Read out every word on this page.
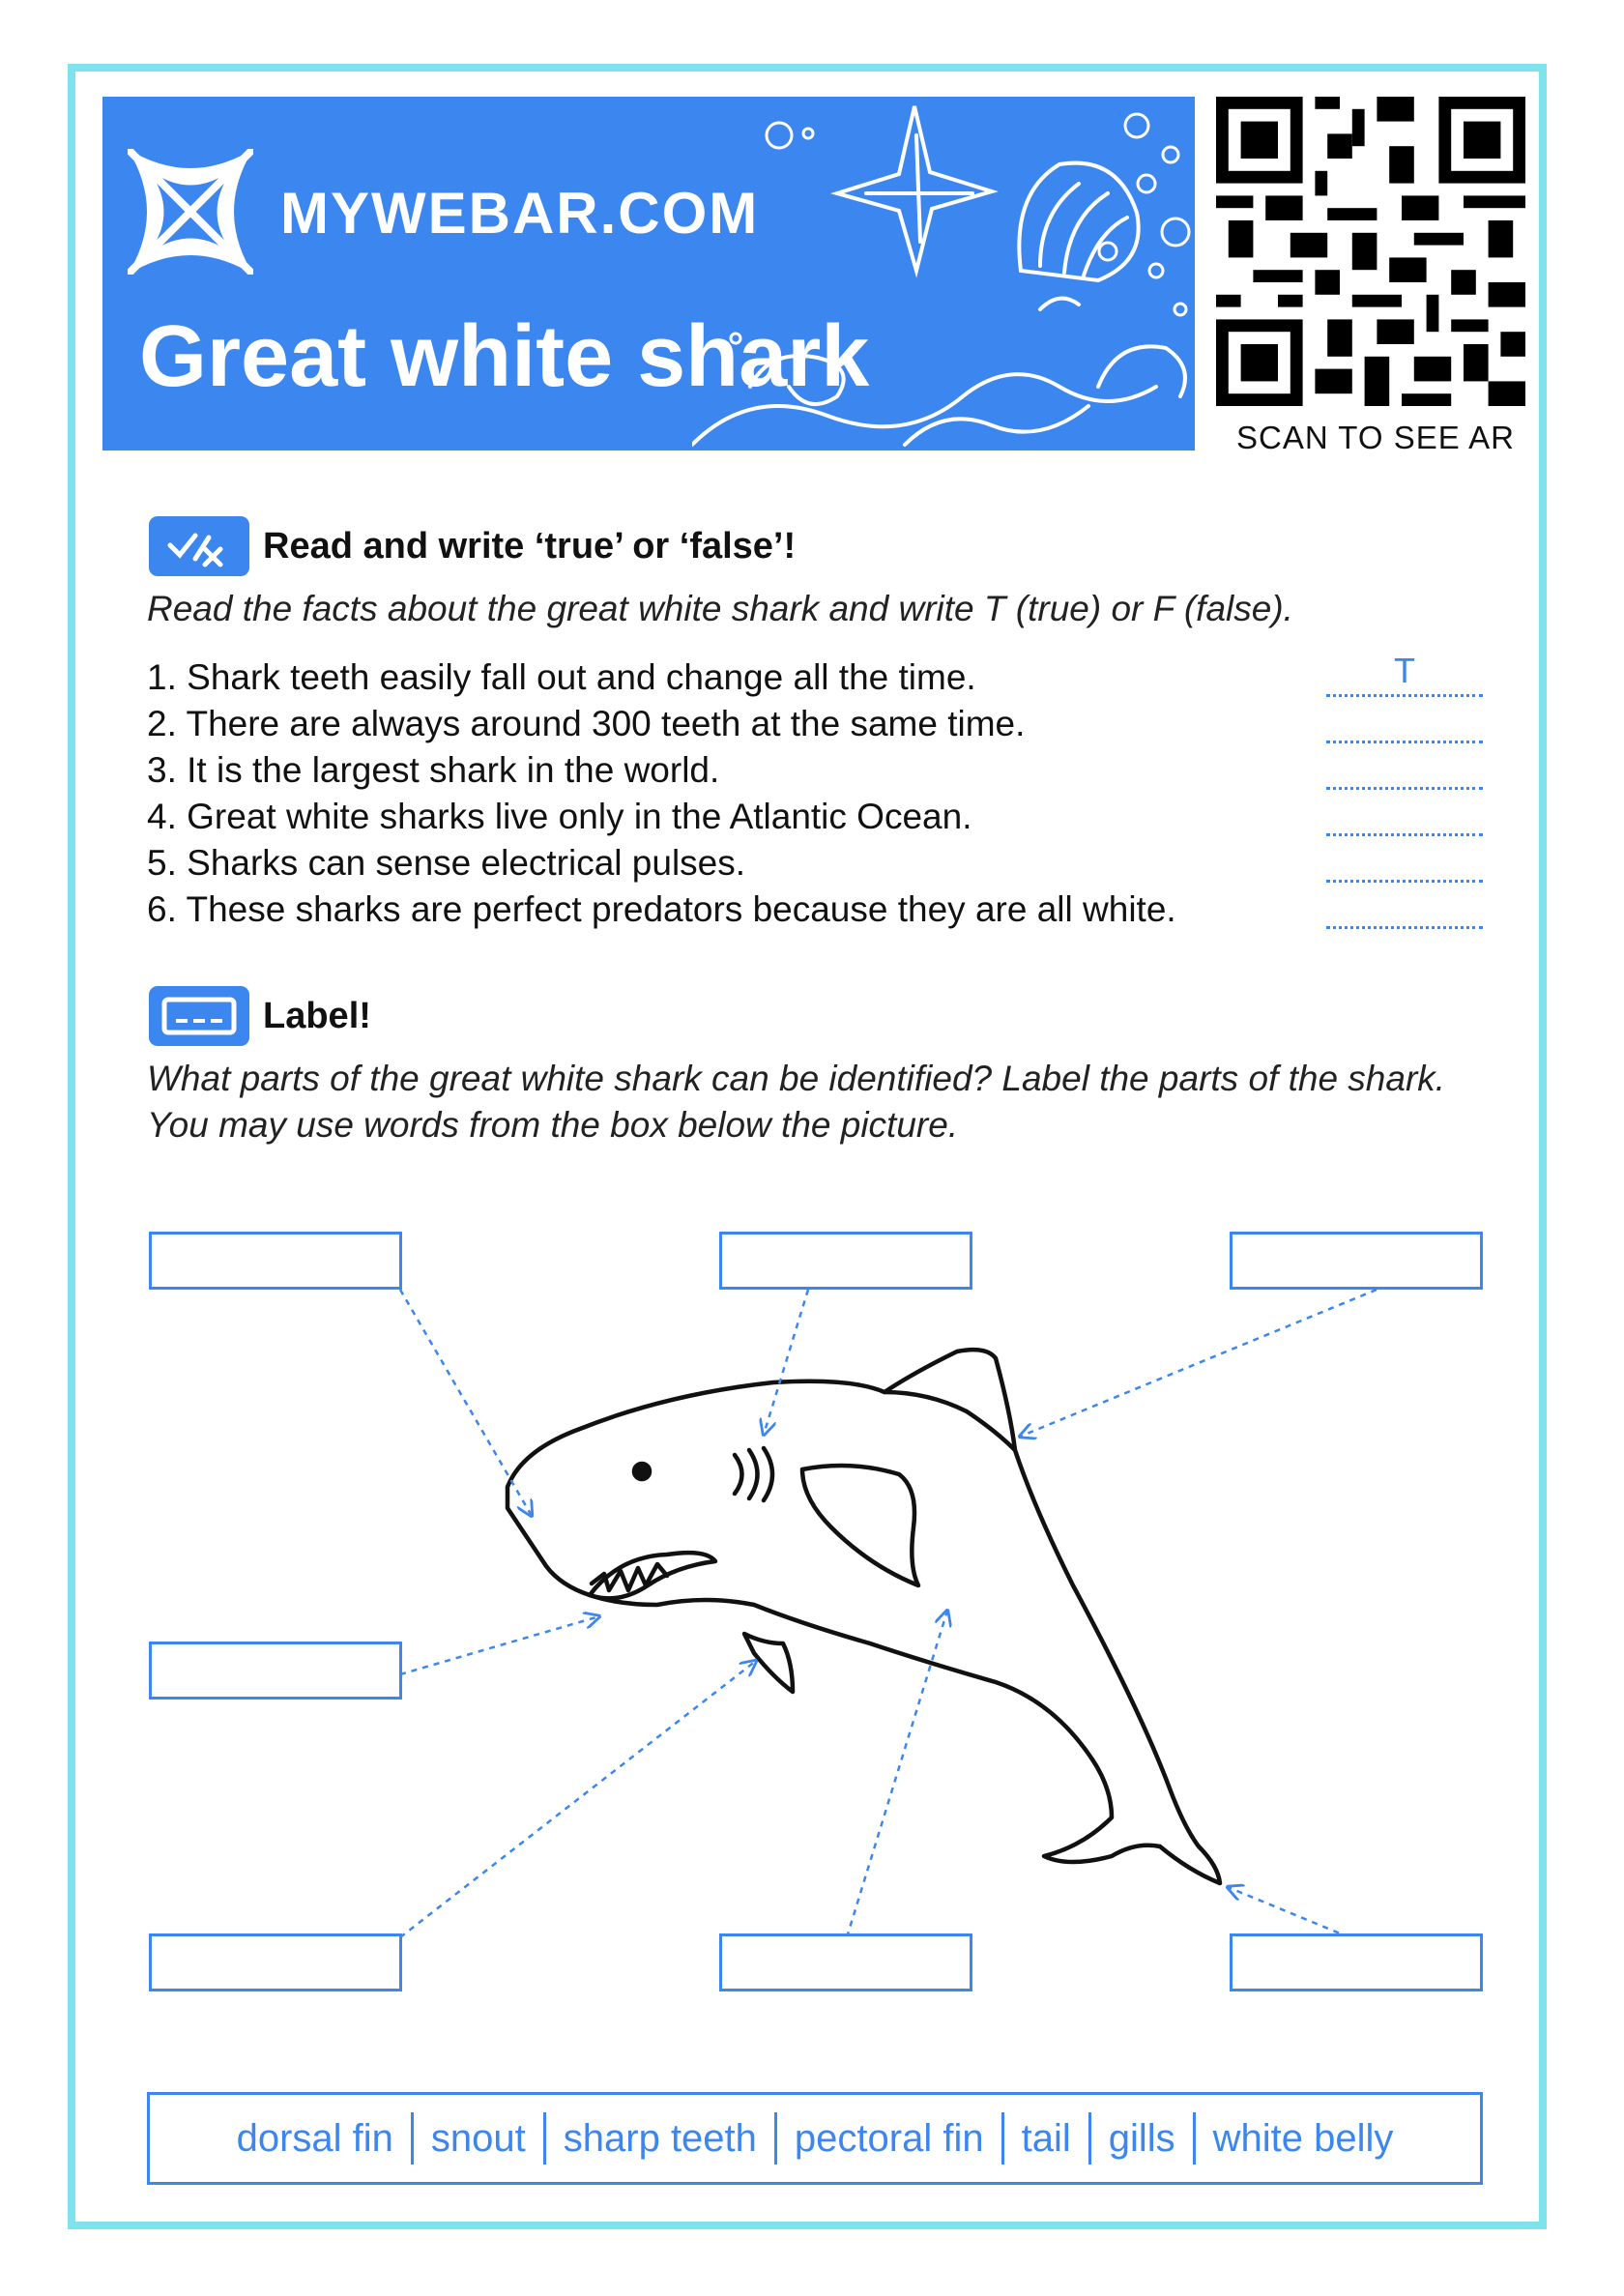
MYWEBAR.COM
Great white shark
SCAN TO SEE AR
Read and write ‘true’ or ‘false’!
Read the facts about the great white shark and write T (true) or F (false).
1. Shark teeth easily fall out and change all the time.	T
2. There are always around 300 teeth at the same time.
3. It is the largest shark in the world.
4. Great white sharks live only in the Atlantic Ocean.
5. Sharks can sense electrical pulses.
6. These sharks are perfect predators because they are all white.
Label!
What parts of the great white shark can be identified? Label the parts of the shark.
You may use words from the box below the picture.
dorsal fin snout sharp teeth pectoral fin tail gills white belly
